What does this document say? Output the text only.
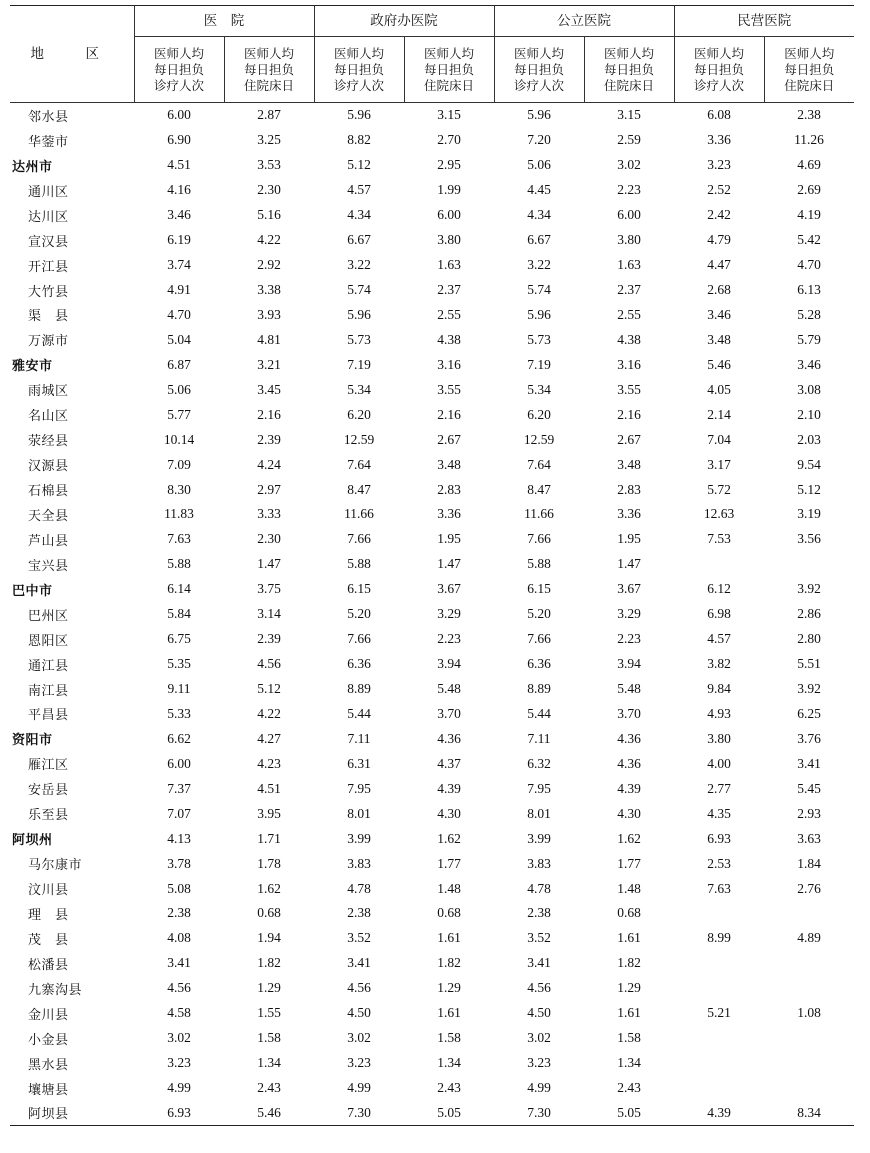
地　区	医　院		政府办医院		公立医院		民营医院	
	医师人均
每日担负
诊疗人次	医师人均
每日担负
住院床日	医师人均
每日担负
诊疗人次	医师人均
每日担负
住院床日	医师人均
每日担负
诊疗人次	医师人均
每日担负
住院床日	医师人均
每日担负
诊疗人次	医师人均
每日担负
住院床日
邻水县	6.00	2.87	5.96	3.15	5.96	3.15	6.08	2.38
华蓥市	6.90	3.25	8.82	2.70	7.20	2.59	3.36	11.26
达州市	4.51	3.53	5.12	2.95	5.06	3.02	3.23	4.69
通川区	4.16	2.30	4.57	1.99	4.45	2.23	2.52	2.69
达川区	3.46	5.16	4.34	6.00	4.34	6.00	2.42	4.19
宣汉县	6.19	4.22	6.67	3.80	6.67	3.80	4.79	5.42
开江县	3.74	2.92	3.22	1.63	3.22	1.63	4.47	4.70
大竹县	4.91	3.38	5.74	2.37	5.74	2.37	2.68	6.13
渠　县	4.70	3.93	5.96	2.55	5.96	2.55	3.46	5.28
万源市	5.04	4.81	5.73	4.38	5.73	4.38	3.48	5.79
雅安市	6.87	3.21	7.19	3.16	7.19	3.16	5.46	3.46
雨城区	5.06	3.45	5.34	3.55	5.34	3.55	4.05	3.08
名山区	5.77	2.16	6.20	2.16	6.20	2.16	2.14	2.10
荥经县	10.14	2.39	12.59	2.67	12.59	2.67	7.04	2.03
汉源县	7.09	4.24	7.64	3.48	7.64	3.48	3.17	9.54
石棉县	8.30	2.97	8.47	2.83	8.47	2.83	5.72	5.12
天全县	11.83	3.33	11.66	3.36	11.66	3.36	12.63	3.19
芦山县	7.63	2.30	7.66	1.95	7.66	1.95	7.53	3.56
宝兴县	5.88	1.47	5.88	1.47	5.88	1.47		
巴中市	6.14	3.75	6.15	3.67	6.15	3.67	6.12	3.92
巴州区	5.84	3.14	5.20	3.29	5.20	3.29	6.98	2.86
恩阳区	6.75	2.39	7.66	2.23	7.66	2.23	4.57	2.80
通江县	5.35	4.56	6.36	3.94	6.36	3.94	3.82	5.51
南江县	9.11	5.12	8.89	5.48	8.89	5.48	9.84	3.92
平昌县	5.33	4.22	5.44	3.70	5.44	3.70	4.93	6.25
资阳市	6.62	4.27	7.11	4.36	7.11	4.36	3.80	3.76
雁江区	6.00	4.23	6.31	4.37	6.32	4.36	4.00	3.41
安岳县	7.37	4.51	7.95	4.39	7.95	4.39	2.77	5.45
乐至县	7.07	3.95	8.01	4.30	8.01	4.30	4.35	2.93
阿坝州	4.13	1.71	3.99	1.62	3.99	1.62	6.93	3.63
马尔康市	3.78	1.78	3.83	1.77	3.83	1.77	2.53	1.84
汶川县	5.08	1.62	4.78	1.48	4.78	1.48	7.63	2.76
理　县	2.38	0.68	2.38	0.68	2.38	0.68		
茂　县	4.08	1.94	3.52	1.61	3.52	1.61	8.99	4.89
松潘县	3.41	1.82	3.41	1.82	3.41	1.82		
九寨沟县	4.56	1.29	4.56	1.29	4.56	1.29		
金川县	4.58	1.55	4.50	1.61	4.50	1.61	5.21	1.08
小金县	3.02	1.58	3.02	1.58	3.02	1.58		
黑水县	3.23	1.34	3.23	1.34	3.23	1.34		
壤塘县	4.99	2.43	4.99	2.43	4.99	2.43		
阿坝县	6.93	5.46	7.30	5.05	7.30	5.05	4.39	8.34
